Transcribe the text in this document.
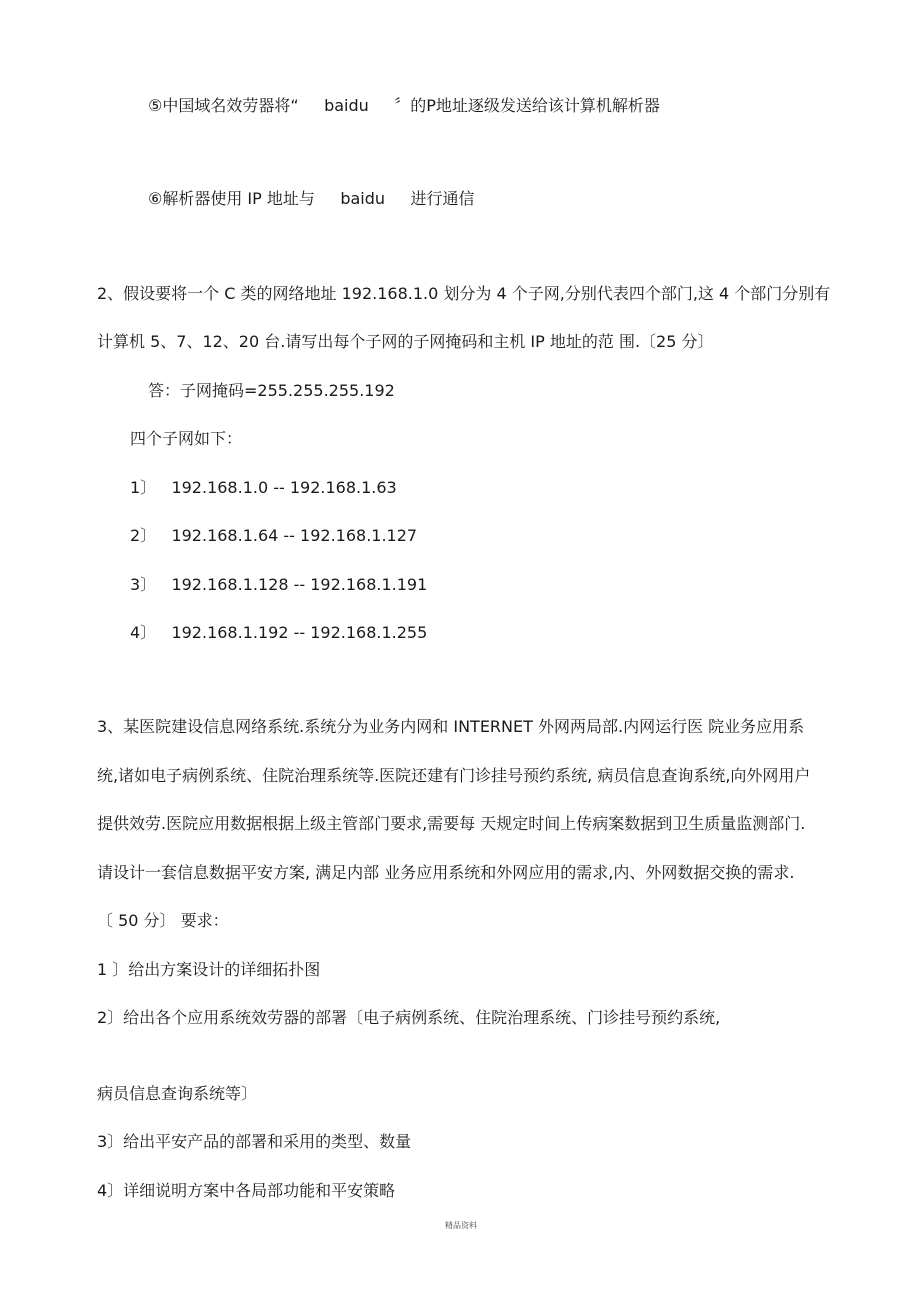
⑤中国域名效劳器将“     baidu     〞的P地址逐级发送给该计算机解析器
⑥解析器使用 IP 地址与     baidu     进行通信
2、假设要将一个 C 类的网络地址 192.168.1.0 划分为 4 个子网,分别代表四个部门,这 4 个部门分别有
计算机 5、7、12、20 台.请写出每个子网的子网掩码和主机 IP 地址的范 围.〔25 分〕
答：子网掩码=255.255.255.192
四个子网如下：
1〕   192.168.1.0 -- 192.168.1.63
2〕   192.168.1.64 -- 192.168.1.127
3〕   192.168.1.128 -- 192.168.1.191
4〕   192.168.1.192 -- 192.168.1.255
3、某医院建设信息网络系统.系统分为业务内网和 INTERNET 外网两局部.内网运行医 院业务应用系
统,诸如电子病例系统、住院治理系统等.医院还建有门诊挂号预约系统, 病员信息查询系统,向外网用户
提供效劳.医院应用数据根据上级主管部门要求,需要每 天规定时间上传病案数据到卫生质量监测部门.
请设计一套信息数据平安方案, 满足内部 业务应用系统和外网应用的需求,内、外网数据交换的需求.
〔 50 分〕 要求：
1 〕给出方案设计的详细拓扑图
2〕给出各个应用系统效劳器的部署〔电子病例系统、住院治理系统、门诊挂号预约系统,
病员信息查询系统等〕
3〕给出平安产品的部署和采用的类型、数量
4〕详细说明方案中各局部功能和平安策略
精品资料
